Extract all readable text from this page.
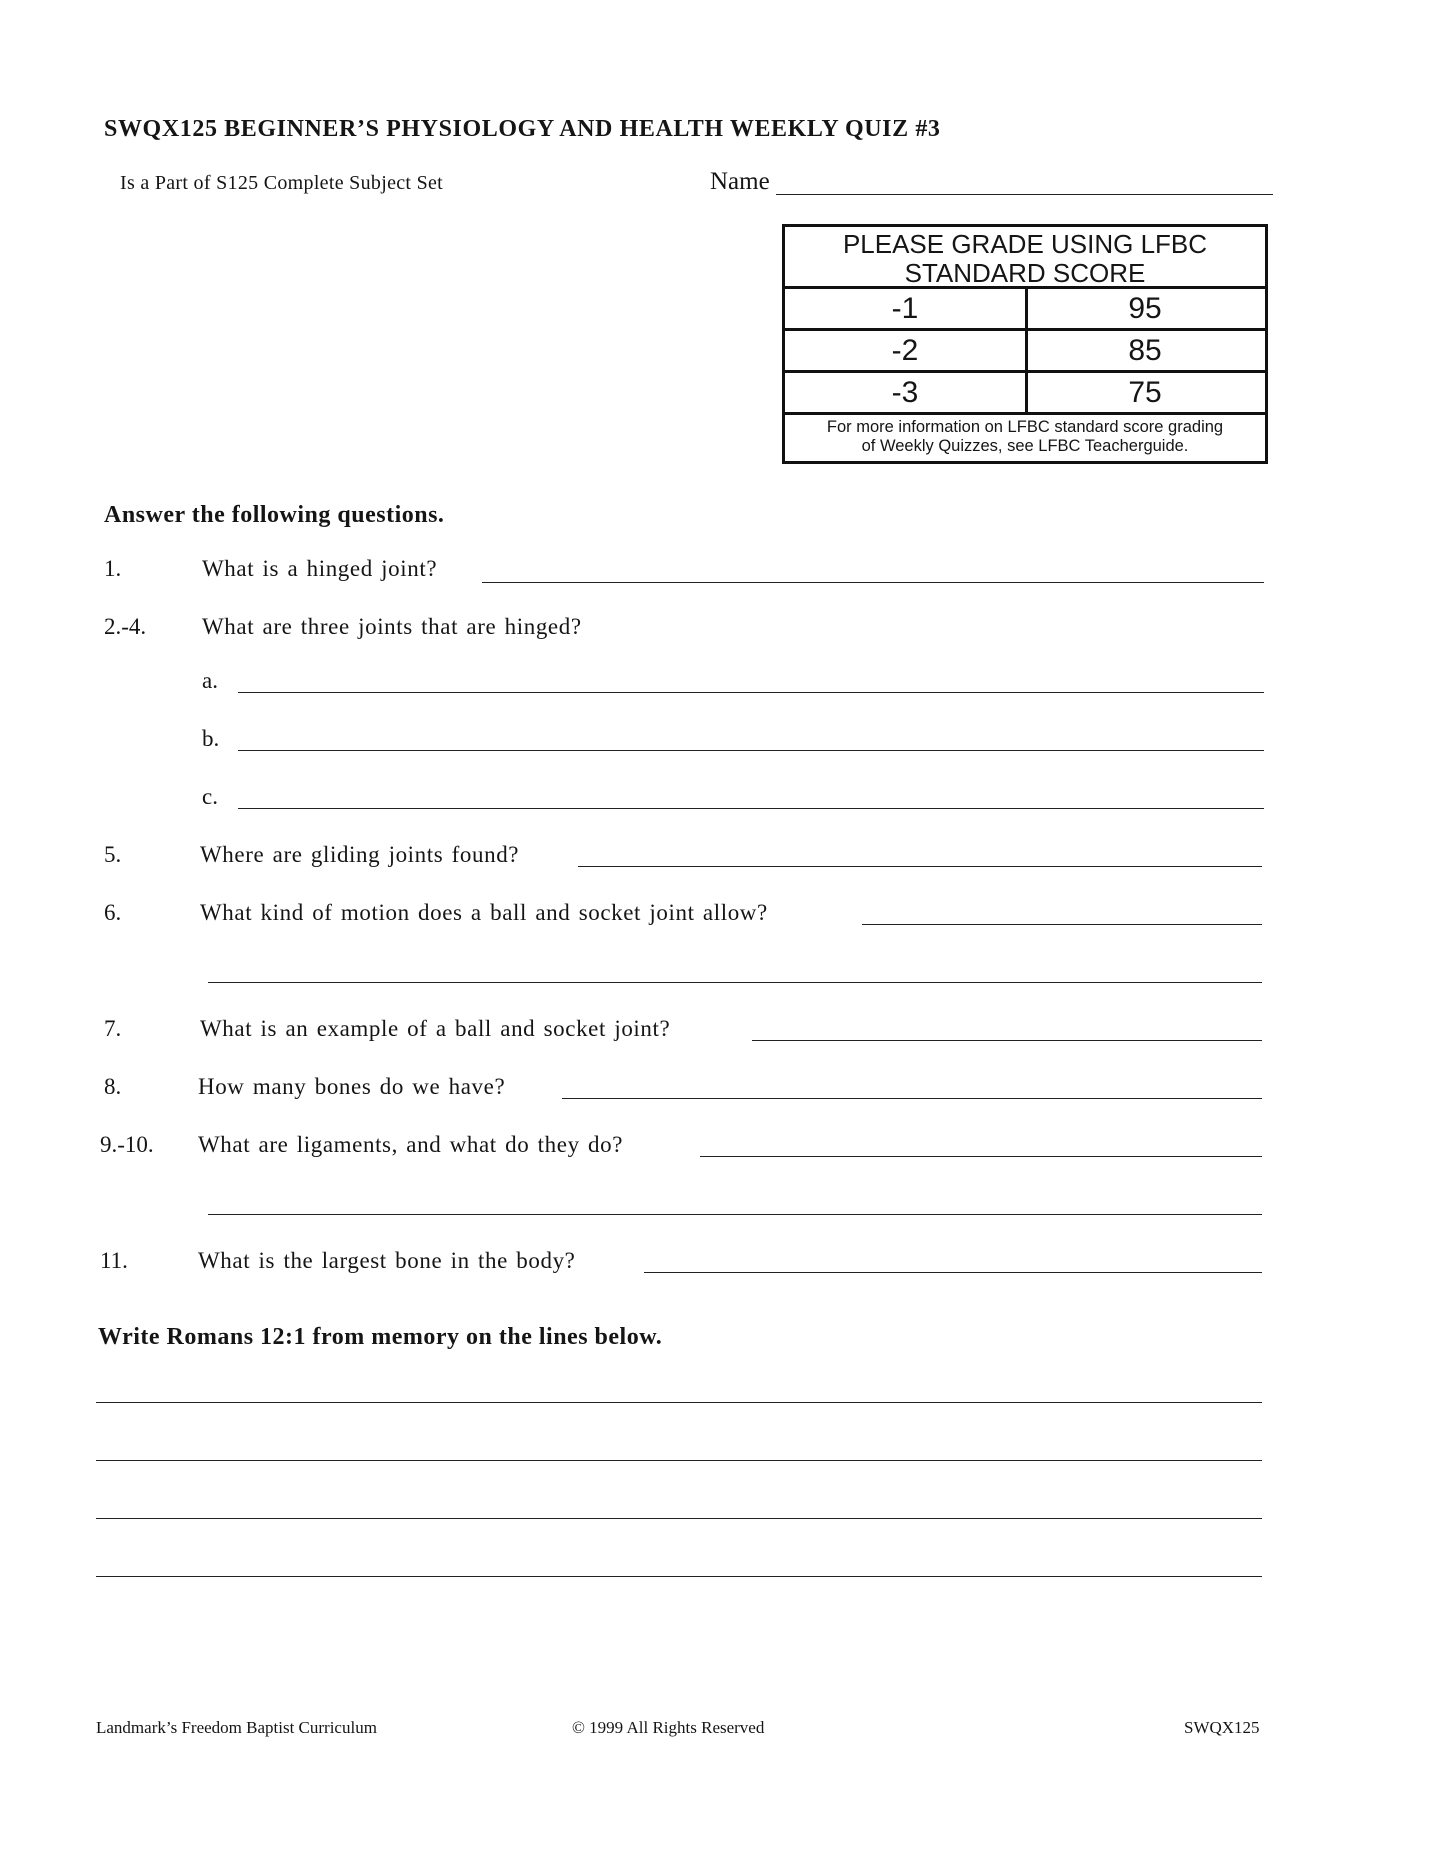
SWQX125 BEGINNER’S PHYSIOLOGY AND HEALTH WEEKLY QUIZ #3
Is a Part of S125 Complete Subject Set	Name
PLEASE GRADE USING LFBC
STANDARD SCORE
-1	95
-2	85
-3	75
For more information on LFBC standard score grading
of Weekly Quizzes, see LFBC Teacherguide.
Answer the following questions.
1.	What is a hinged joint?
2.-4. What are three joints that are hinged?
a.
b.
c.
5.	Where are gliding joints found?
6.	What kind of motion does a ball and socket joint allow?
7.	What is an example of a ball and socket joint?
8.	How many bones do we have?
9.-10. What are ligaments, and what do they do?
11.	What is the largest bone in the body?
Write Romans 12:1 from memory on the lines below.
Landmark’s Freedom Baptist Curriculum	© 1999 All Rights Reserved	SWQX125
